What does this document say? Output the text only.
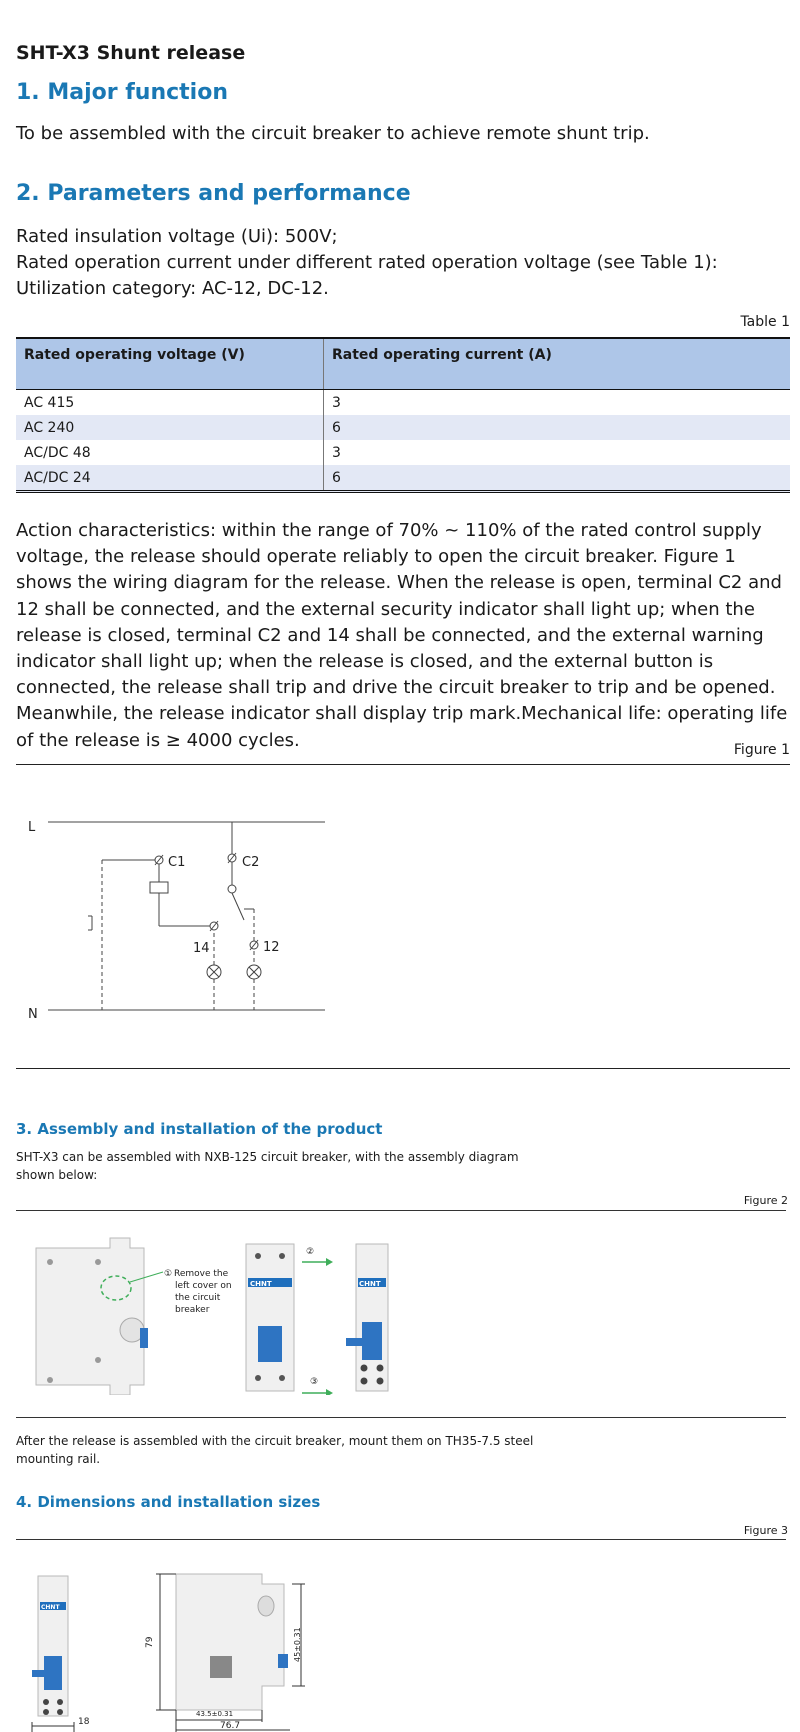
SHT-X3 Shunt release
1. Major function

To be assembled with the circuit breaker to achieve remote shunt trip.

2. Parameters and performance

Rated insulation voltage (Ui): 500V;

Rated operation current under different rated operation voltage (see Table 1):

Utilization category: AC-12, DC-12.

Table 1
Rated operating voltage (V)	Rated operating current (A)
AC 415	3
AC 240	6
AC/DC 48	3
AC/DC 24	6

Action characteristics: within the range of 70% ~ 110% of the rated control supply voltage, the release should operate reliably to open the circuit breaker. Figure 1 shows the wiring diagram for the release. When the release is open, terminal C2 and 12 shall be connected, and the external security indicator shall light up; when the release is closed, terminal C2 and 14 shall be connected, and the external warning indicator shall light up; when the release is closed, and the external button is connected, the release shall trip and drive the circuit breaker to trip and be opened. Meanwhile, the release indicator shall display trip mark.Mechanical life: operating life of the release is ≥ 4000 cycles.	Figure 1
L
N
C1	C2
14	12
3. Assembly and installation of the product

SHT-X3 can be assembled with NXB-125 circuit breaker, with the assembly diagram shown below:

Figure 2
① Remove the
left cover on
the circuit
breaker
CHNT	CHNT
②
③

After the release is assembled with the circuit breaker, mount them on TH35-7.5 steel mounting rail.

4. Dimensions and installation sizes
Figure 3
CHNT
18
79	45±0.31
43.5±0.31
76.7
